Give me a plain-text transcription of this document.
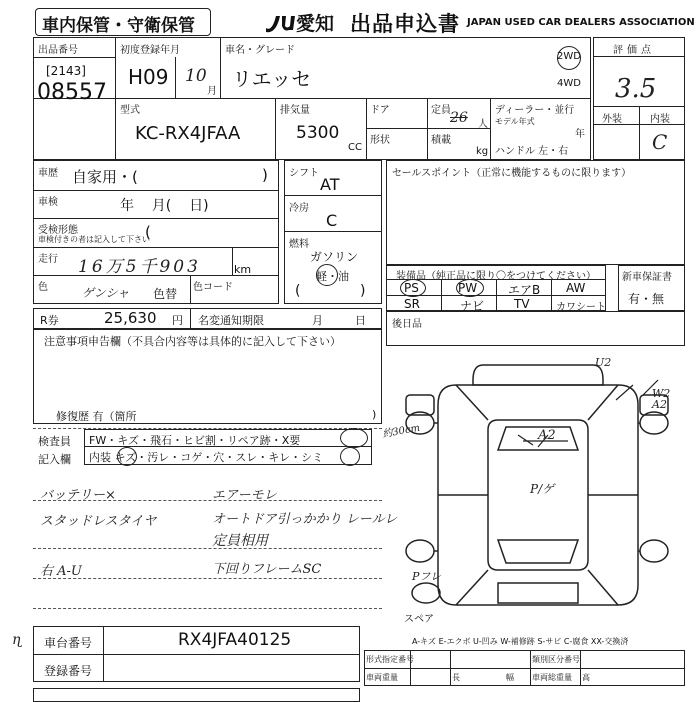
車内保管・守衛保管	愛知 出品申込書 JAPAN USED CAR DEALERS ASSOCIATION
出品番号
[2143]
08557
初度登録年月
H09 10
月
車名・グレード
リエッセ
2WD
4WD
型式
KC-RX4JFAA
排気量
5300
CC
ドア
形状
定員 26 人
積載
kg
ディーラー・並行
モデル年式
年
ハンドル 左・右
評価点
3.5
外装	内装
C
車歴 自家用・(	)
車検	年    月(    日)
受検形態
車検付きの者は記入して下さい
(
走行 16万5千903	km
色	ゲンシャ 色替 色コード
シフト
AT
冷房
C
燃料
ガソリン
軽・油
(	)
R券	25,630 円 名変通知期限	月	日
セールスポイント（正常に機能するものに限ります）
装備品（純正品に限り〇をつけてください）
PS	PW	エアB AW
SR	ナビ TV	カワシート
新車保証書
有・無
後日品
注意事項申告欄（不具合内容等は具体的に記入して下さい）
修復歴 有（箇所	)
検査員
記入欄
FW・キズ・飛石・ヒビ割・リペア跡・X要
内装 キズ・汚レ・コゲ・穴・スレ・キレ・シミ
約30cm
バッテリー×
スタッドレスタイヤ
右 A-U
エアーモレ
オートドア引っかかり レールレ
定員相用
下回りフレームSC
U2
W2 A2
A2
P/ゲ
Pフレ
スペア
A-キズ E-エクボ U-凹み W-補修跡 S-サビ C-腐食 XX-交換済
ɳ 車台番号	RX4JFA40125
登録番号
形式指定番号	類別区分番号
車両重量	長	幅	高
車両総重量
